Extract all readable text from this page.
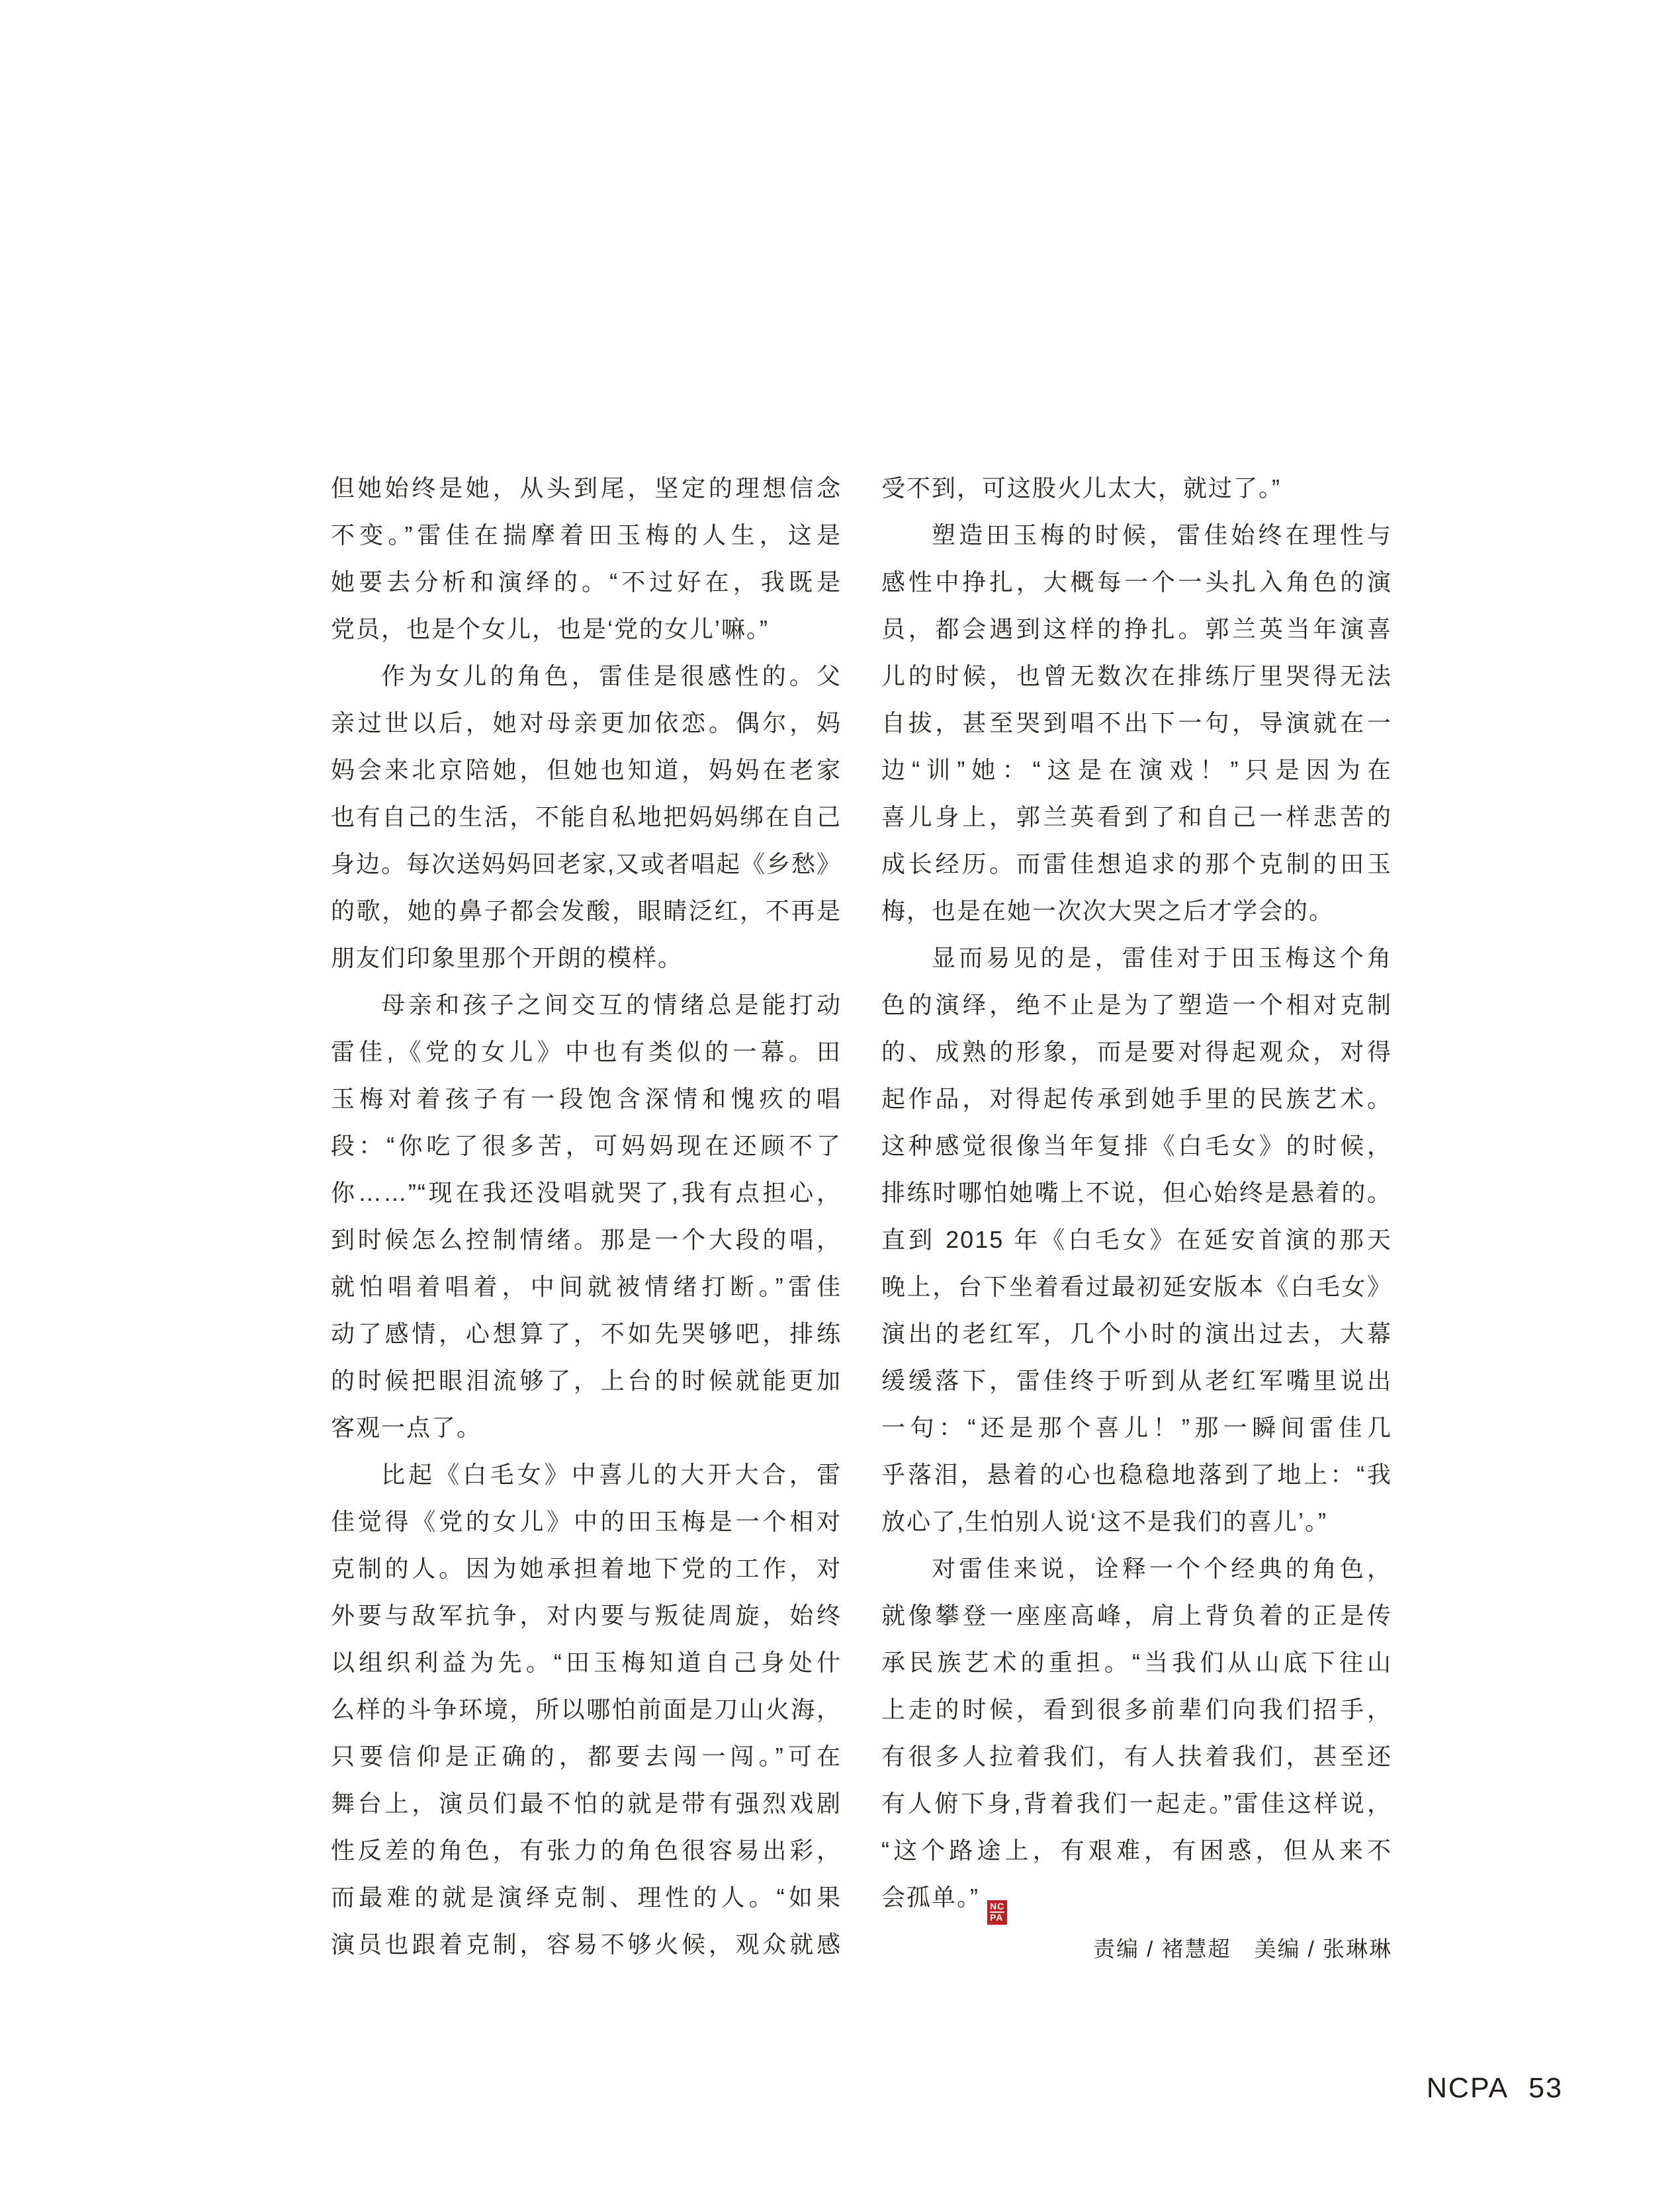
但她始终是她，从头到尾，坚定的理想信念

不变。”雷佳在揣摩着田玉梅的人生，这是

她要去分析和演绎的。“不过好在，我既是

党员，也是个女儿，也是‘党的女儿’嘛。”

作为女儿的角色，雷佳是很感性的。父

亲过世以后，她对母亲更加依恋。偶尔，妈

妈会来北京陪她，但她也知道，妈妈在老家

也有自己的生活，不能自私地把妈妈绑在自己

身边。每次送妈妈回老家,又或者唱起《乡愁》

的歌，她的鼻子都会发酸，眼睛泛红，不再是

朋友们印象里那个开朗的模样。

母亲和孩子之间交互的情绪总是能打动

雷佳,《党的女儿》中也有类似的一幕。田

玉梅对着孩子有一段饱含深情和愧疚的唱

段：“你吃了很多苦，可妈妈现在还顾不了

你……”“现在我还没唱就哭了,我有点担心，

到时候怎么控制情绪。那是一个大段的唱，

就怕唱着唱着，中间就被情绪打断。”雷佳

动了感情，心想算了，不如先哭够吧，排练

的时候把眼泪流够了，上台的时候就能更加

客观一点了。

比起《白毛女》中喜儿的大开大合，雷

佳觉得《党的女儿》中的田玉梅是一个相对

克制的人。因为她承担着地下党的工作，对

外要与敌军抗争，对内要与叛徒周旋，始终

以组织利益为先。“田玉梅知道自己身处什

么样的斗争环境，所以哪怕前面是刀山火海，

只要信仰是正确的，都要去闯一闯。”可在

舞台上，演员们最不怕的就是带有强烈戏剧

性反差的角色，有张力的角色很容易出彩，

而最难的就是演绎克制、理性的人。“如果

演员也跟着克制，容易不够火候，观众就感

受不到，可这股火儿太大，就过了。”

塑造田玉梅的时候，雷佳始终在理性与

感性中挣扎，大概每一个一头扎入角色的演

员，都会遇到这样的挣扎。郭兰英当年演喜

儿的时候，也曾无数次在排练厅里哭得无法

自拔，甚至哭到唱不出下一句，导演就在一

边“训”她：“这是在演戏！”只是因为在

喜儿身上，郭兰英看到了和自己一样悲苦的

成长经历。而雷佳想追求的那个克制的田玉

梅，也是在她一次次大哭之后才学会的。

显而易见的是，雷佳对于田玉梅这个角

色的演绎，绝不止是为了塑造一个相对克制

的、成熟的形象，而是要对得起观众，对得

起作品，对得起传承到她手里的民族艺术。

这种感觉很像当年复排《白毛女》的时候，

排练时哪怕她嘴上不说，但心始终是悬着的。

直到 2015 年《白毛女》在延安首演的那天

晚上，台下坐着看过最初延安版本《白毛女》

演出的老红军，几个小时的演出过去，大幕

缓缓落下，雷佳终于听到从老红军嘴里说出

一句：“还是那个喜儿！”那一瞬间雷佳几

乎落泪，悬着的心也稳稳地落到了地上：“我

放心了,生怕别人说‘这不是我们的喜儿’。”

对雷佳来说，诠释一个个经典的角色，

就像攀登一座座高峰，肩上背负着的正是传

承民族艺术的重担。“当我们从山底下往山

上走的时候，看到很多前辈们向我们招手，

有很多人拉着我们，有人扶着我们，甚至还

有人俯下身,背着我们一起走。”雷佳这样说，

“这个路途上，有艰难，有困惑，但从来不

会孤单。”
$\frac{NC}{PA}$

责编 / 褚慧超　美编 / 张琳琳

NCPA 53
